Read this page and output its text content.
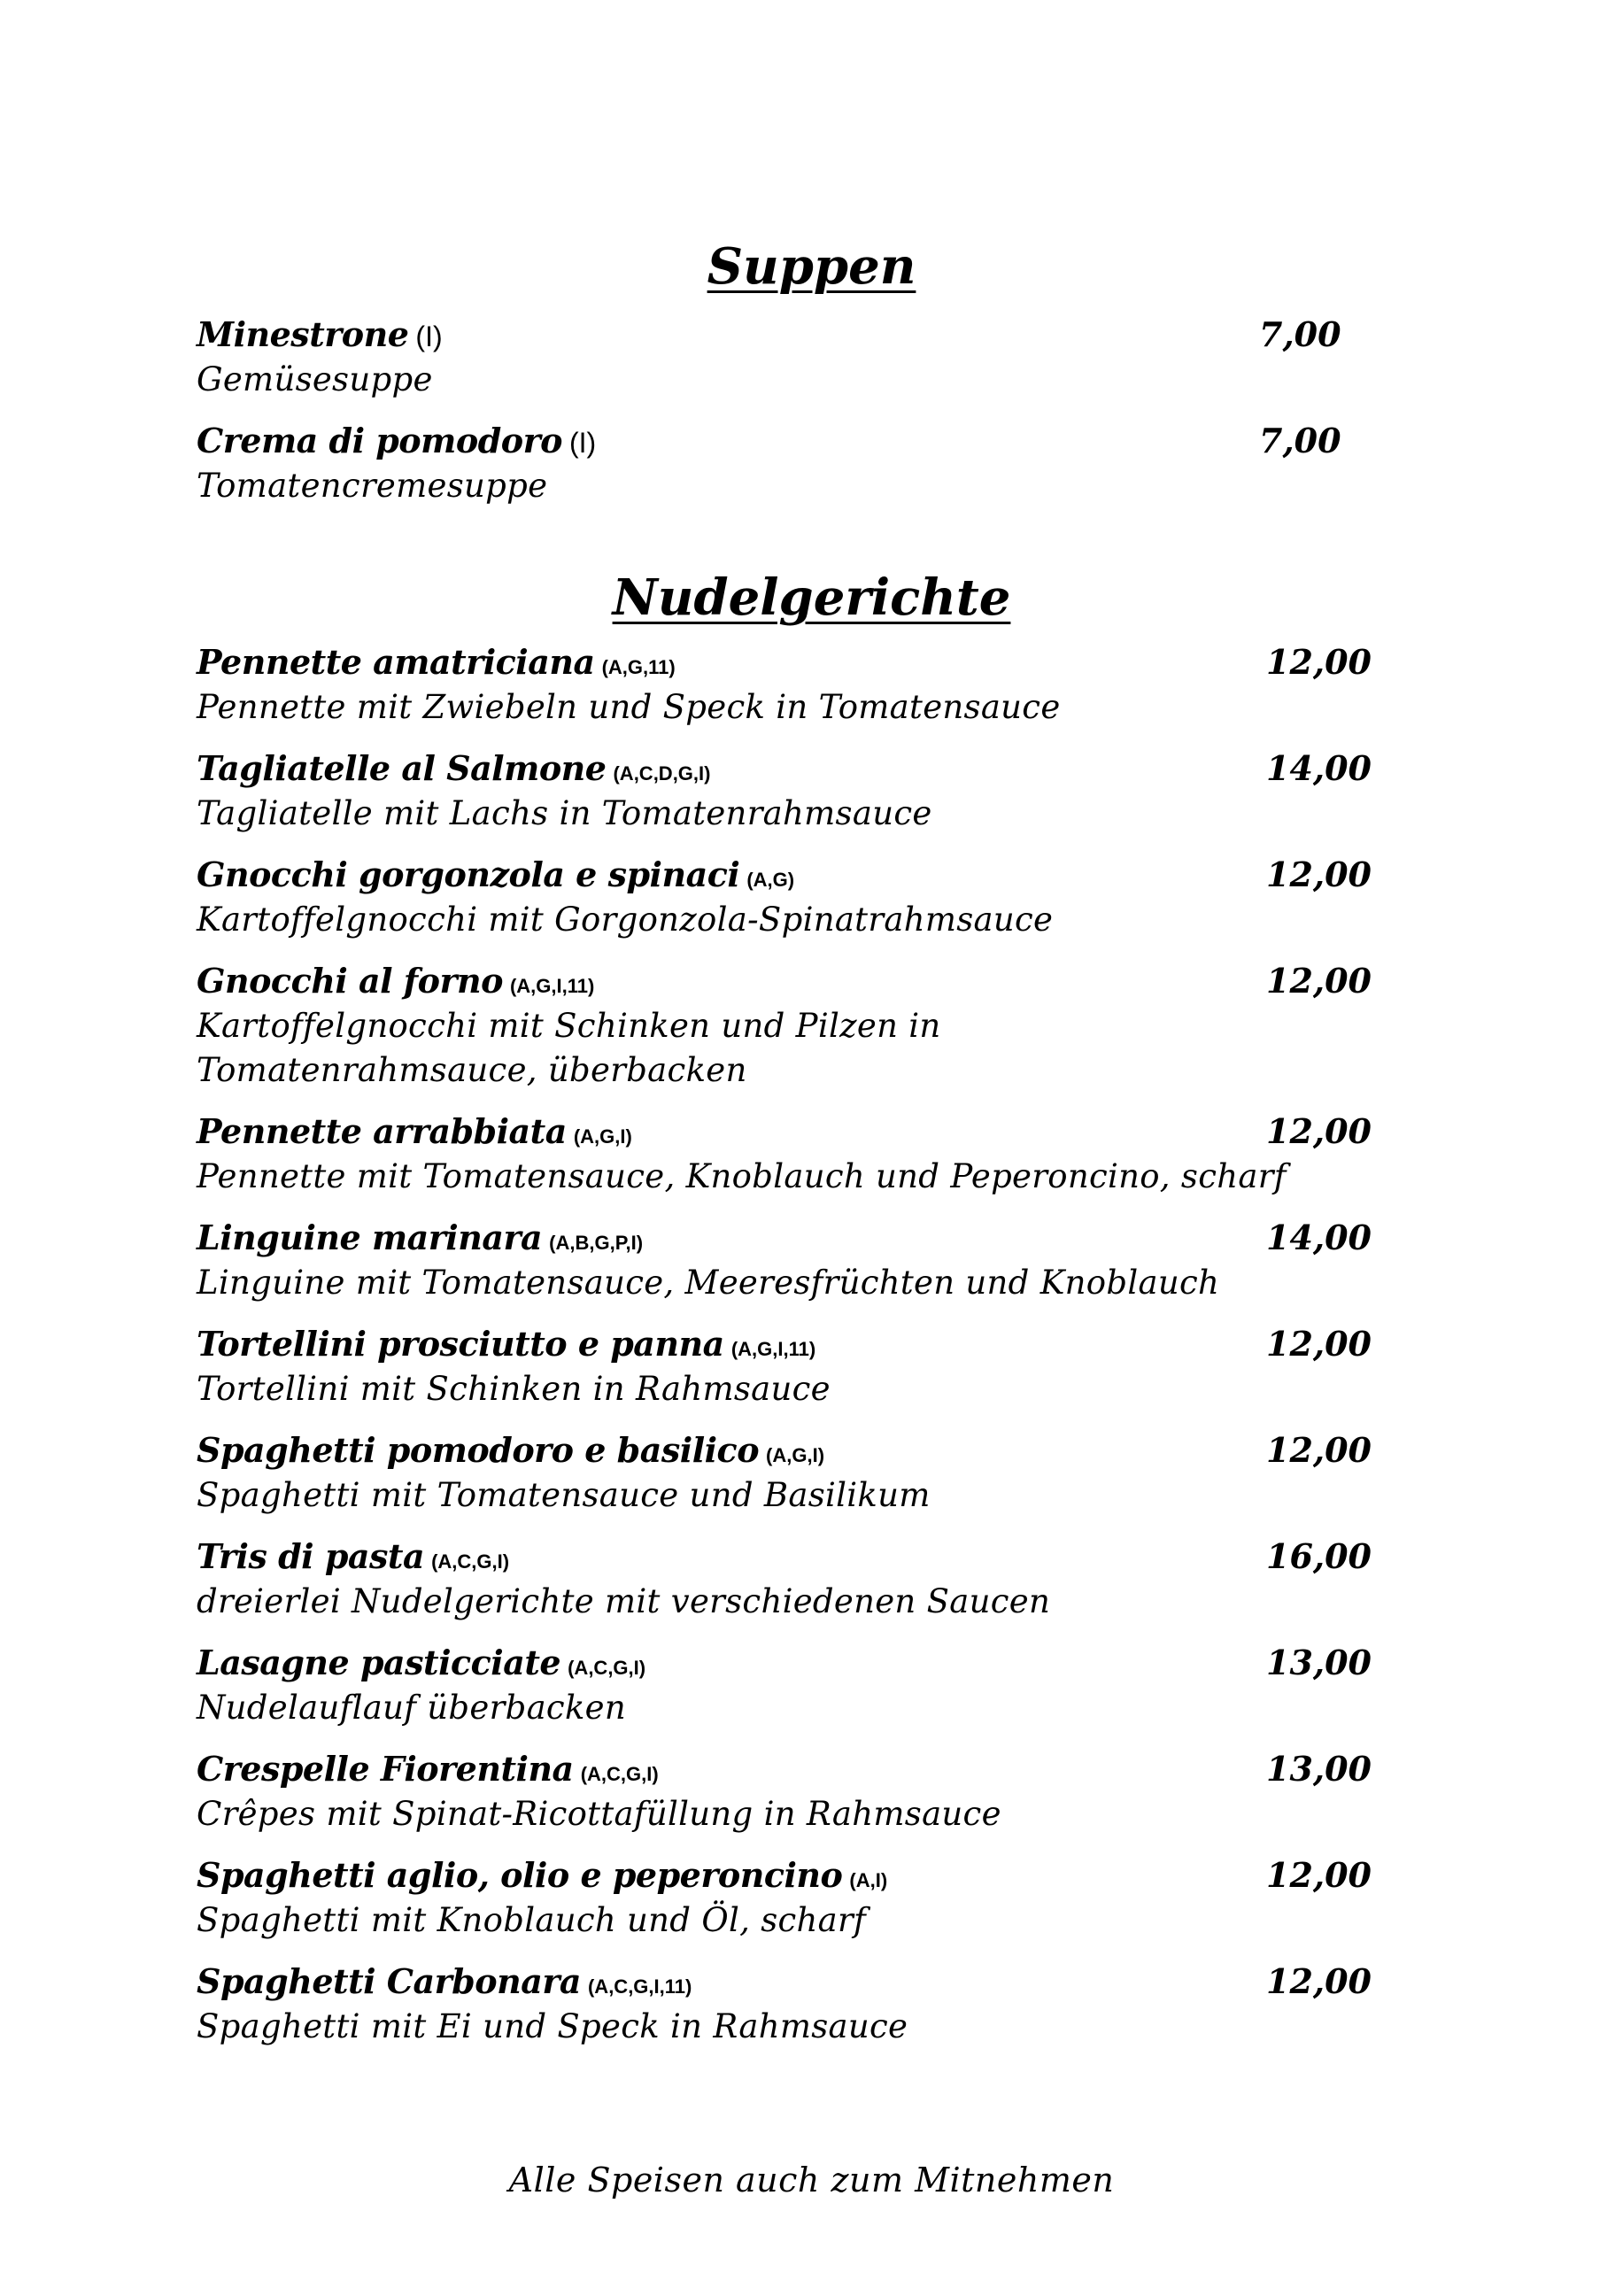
Suppen
Minestrone (I)	7,00
Gemüsesuppe
Crema di pomodoro (I)	7,00
Tomatencremesuppe
Nudelgerichte
Pennette amatriciana (A,G,11)	12,00
Pennette mit Zwiebeln und Speck in Tomatensauce
Tagliatelle al Salmone (A,C,D,G,I)	14,00
Tagliatelle mit Lachs in Tomatenrahmsauce
Gnocchi gorgonzola e spinaci (A,G)	12,00
Kartoffelgnocchi mit Gorgonzola-Spinatrahmsauce
Gnocchi al forno (A,G,I,11)	12,00
Kartoffelgnocchi mit Schinken und Pilzen in
Tomatenrahmsauce, überbacken
Pennette arrabbiata (A,G,I)	12,00
Pennette mit Tomatensauce, Knoblauch und Peperoncino, scharf
Linguine marinara (A,B,G,P,I)	14,00
Linguine mit Tomatensauce, Meeresfrüchten und Knoblauch
Tortellini prosciutto e panna (A,G,I,11)	12,00
Tortellini mit Schinken in Rahmsauce
Spaghetti pomodoro e basilico (A,G,I)	12,00
Spaghetti mit Tomatensauce und Basilikum
Tris di pasta (A,C,G,I)	16,00
dreierlei Nudelgerichte mit verschiedenen Saucen
Lasagne pasticciate (A,C,G,I)	13,00
Nudelauflauf überbacken
Crespelle Fiorentina (A,C,G,I)	13,00
Crêpes mit Spinat-Ricottafüllung in Rahmsauce
Spaghetti aglio, olio e peperoncino (A,I)	12,00
Spaghetti mit Knoblauch und Öl, scharf
Spaghetti Carbonara (A,C,G,I,11)	12,00
Spaghetti mit Ei und Speck in Rahmsauce
Alle Speisen auch zum Mitnehmen
